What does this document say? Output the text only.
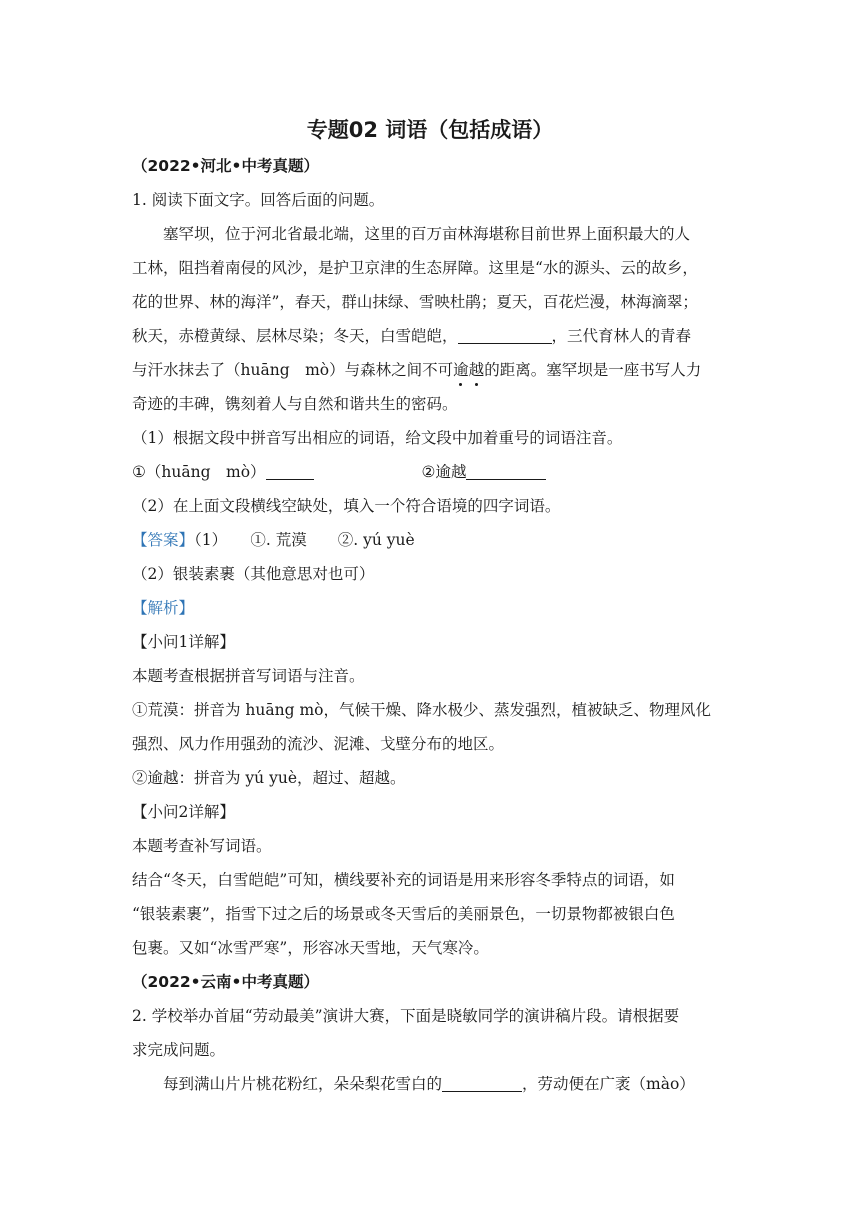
专题02 词语（包括成语）
（2022•河北•中考真题）
1. 阅读下面文字。回答后面的问题。
塞罕坝，位于河北省最北端，这里的百万亩林海堪称目前世界上面积最大的人
工林，阻挡着南侵的风沙，是护卫京津的生态屏障。这里是“水的源头、云的故乡，
花的世界、林的海洋”，春天，群山抹绿、雪映杜鹃；夏天，百花烂漫，林海滴翠；
秋天，赤橙黄绿、层林尽染；冬天，白雪皑皑，	，三代育林人的青春
与汗水抹去了（huāng　mò）与森林之间不可逾越的距离。塞罕坝是一座书写人力
奇迹的丰碑，镌刻着人与自然和谐共生的密码。
（1）根据文段中拼音写出相应的词语，给文段中加着重号的词语注音。
①（huāng　mò）	②逾越
（2）在上面文段横线空缺处，填入一个符合语境的四字词语。
【答案】（1）　　①. 荒漠　　②. yú yuè
（2）银装素裹（其他意思对也可）
【解析】
【小问1详解】
本题考查根据拼音写词语与注音。
①荒漠：拼音为 huāng mò，气候干燥、降水极少、蒸发强烈，植被缺乏、物理风化
强烈、风力作用强劲的流沙、泥滩、戈壁分布的地区。
②逾越：拼音为 yú yuè，超过、超越。
【小问2详解】
本题考查补写词语。
结合“冬天，白雪皑皑”可知，横线要补充的词语是用来形容冬季特点的词语，如
“银装素裹”，指雪下过之后的场景或冬天雪后的美丽景色，一切景物都被银白色
包裹。又如“冰雪严寒”，形容冰天雪地，天气寒冷。
（2022•云南•中考真题）
2. 学校举办首届“劳动最美”演讲大赛，下面是晓敏同学的演讲稿片段。请根据要
求完成问题。
每到满山片片桃花粉红，朵朵梨花雪白的	，劳动便在广袤（mào）
